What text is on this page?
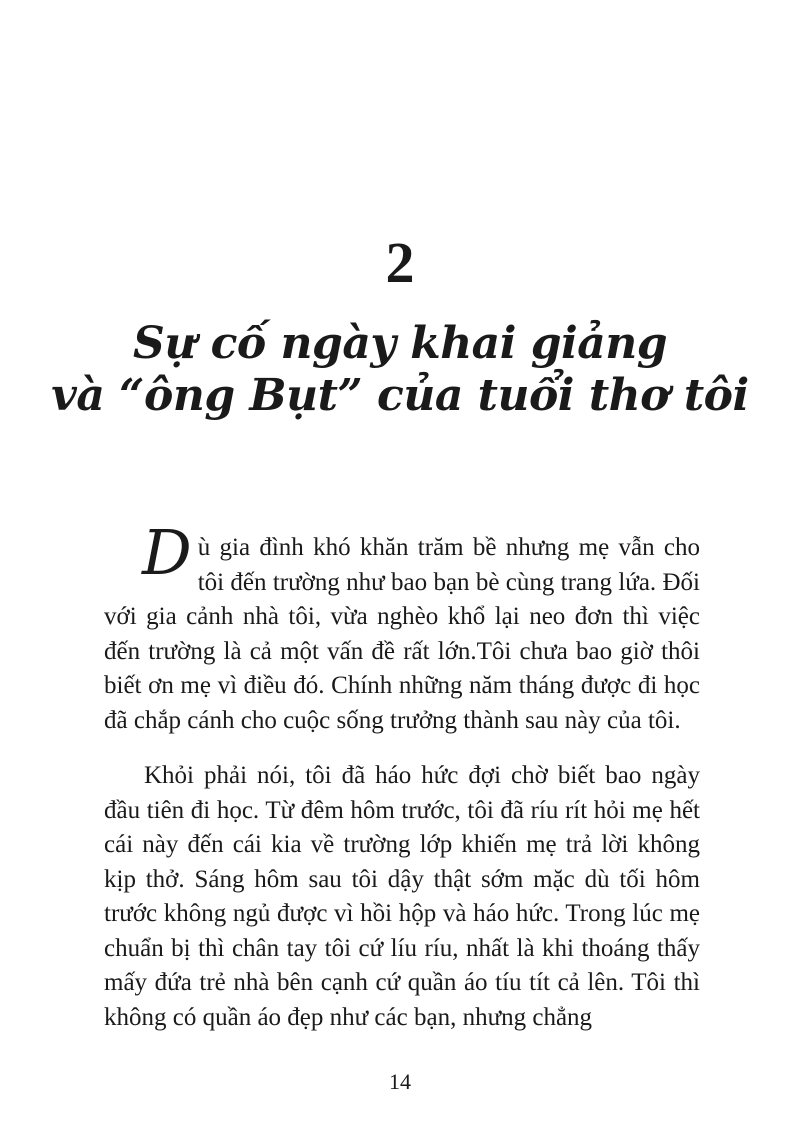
2
Sự cố ngày khai giảng
và “ông Bụt” của tuổi thơ tôi

Dù gia đình khó khăn trăm bề nhưng mẹ vẫn cho tôi đến trường như bao bạn bè cùng trang lứa. Đối với gia cảnh nhà tôi, vừa nghèo khổ lại neo đơn thì việc đến trường là cả một vấn đề rất lớn.Tôi chưa bao giờ thôi biết ơn mẹ vì điều đó. Chính những năm tháng được đi học đã chắp cánh cho cuộc sống trưởng thành sau này của tôi.

Khỏi phải nói, tôi đã háo hức đợi chờ biết bao ngày đầu tiên đi học. Từ đêm hôm trước, tôi đã ríu rít hỏi mẹ hết cái này đến cái kia về trường lớp khiến mẹ trả lời không kịp thở. Sáng hôm sau tôi dậy thật sớm mặc dù tối hôm trước không ngủ được vì hồi hộp và háo hức. Trong lúc mẹ chuẩn bị thì chân tay tôi cứ líu ríu, nhất là khi thoáng thấy mấy đứa trẻ nhà bên cạnh cứ quần áo tíu tít cả lên. Tôi thì không có quần áo đẹp như các bạn, nhưng chẳng

14
